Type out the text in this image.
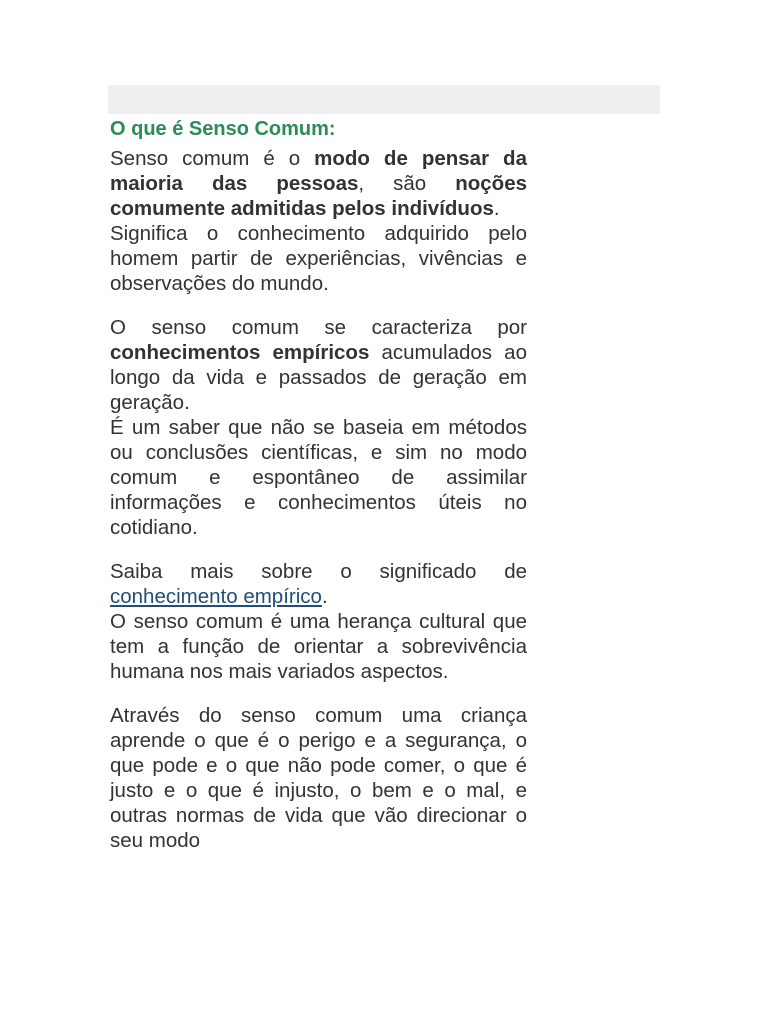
O que é Senso Comum:

Senso comum é o modo de pensar da maioria das pessoas, são noções comumente admitidas pelos indivíduos.
Significa o conhecimento adquirido pelo homem partir de experiências, vivências e observações do mundo.

O senso comum se caracteriza por conhecimentos empíricos acumulados ao longo da vida e passados de geração em geração.
É um saber que não se baseia em métodos ou conclusões científicas, e sim no modo comum e espontâneo de assimilar informações e conhecimentos úteis no cotidiano.

Saiba mais sobre o significado de conhecimento empírico.
O senso comum é uma herança cultural que tem a função de orientar a sobrevivência humana nos mais variados aspectos.

Através do senso comum uma criança aprende o que é o perigo e a segurança, o que pode e o que não pode comer, o que é justo e o que é injusto, o bem e o mal, e outras normas de vida que vão direcionar o seu modo
